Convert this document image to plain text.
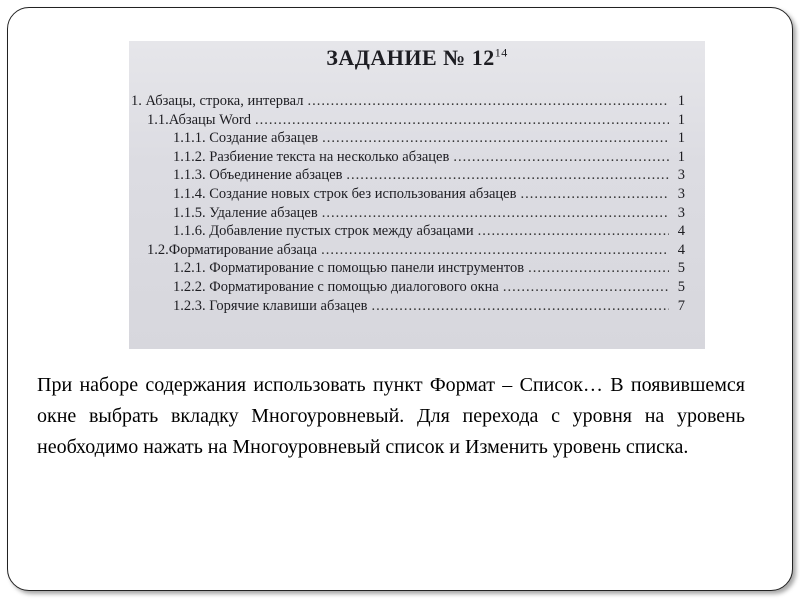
ЗАДАНИЕ № $12^{14}$
1. Абзацы, строка, интервал .....	1
1.1.Абзацы Word .....	1
1.1.1. Создание абзацев .....	1
1.1.2. Разбиение текста на несколько абзацев .....	1
1.1.3. Объединение абзацев .....	3
1.1.4. Создание новых строк без использования абзацев .....	3
1.1.5. Удаление абзацев .....	3
1.1.6. Добавление пустых строк между абзацами .....	4
1.2.Форматирование абзаца .....	4
1.2.1. Форматирование с помощью панели инструментов .....	5
1.2.2. Форматирование с помощью диалогового окна .....	5
1.2.3. Горячие клавиши абзацев .....	7

При наборе содержания использовать пункт Формат – Список… В появившемся окне выбрать вкладку Многоуровневый. Для перехода с уровня на уровень необходимо нажать на Многоуровневый список и Изменить уровень списка.
